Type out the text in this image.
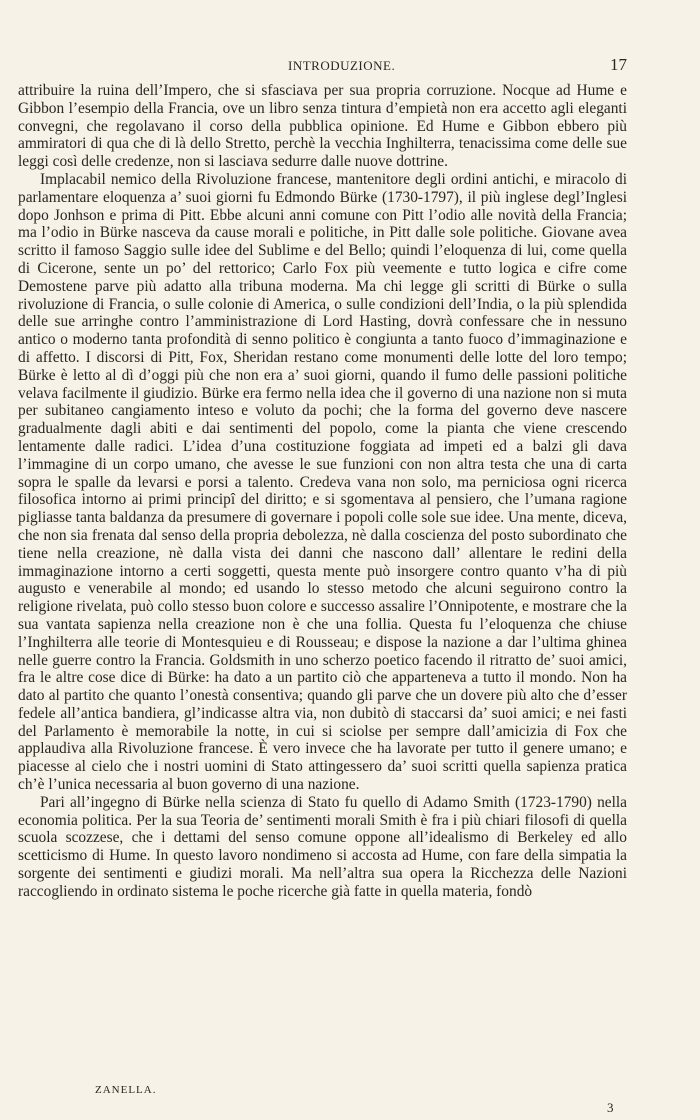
INTRODUZIONE.	17

attribuire la ruina dell’Impero, che si sfasciava per sua propria corruzione. Nocque ad Hume e Gibbon l’esempio della Francia, ove un libro senza tintura d’empietà non era accetto agli eleganti convegni, che regolavano il corso della pubblica opinione. Ed Hume e Gibbon ebbero più ammiratori di qua che di là dello Stretto, perchè la vecchia Inghilterra, tenacissima come delle sue leggi così delle credenze, non si lasciava sedurre dalle nuove dottrine.

Implacabil nemico della Rivoluzione francese, mantenitore degli ordini antichi, e miracolo di parlamentare eloquenza a’ suoi giorni fu Edmondo Bürke (1730-1797), il più inglese degl’Inglesi dopo Jonhson e prima di Pitt. Ebbe alcuni anni comune con Pitt l’odio alle novità della Francia; ma l’odio in Bürke nasceva da cause morali e politiche, in Pitt dalle sole politiche. Giovane avea scritto il famoso Saggio sulle idee del Sublime e del Bello; quindi l’eloquenza di lui, come quella di Cicerone, sente un po’ del rettorico; Carlo Fox più veemente e tutto logica e cifre come Demostene parve più adatto alla tribuna moderna. Ma chi legge gli scritti di Bürke o sulla rivoluzione di Francia, o sulle colonie di America, o sulle condizioni dell’India, o la più splendida delle sue arringhe contro l’amministrazione di Lord Hasting, dovrà confessare che in nessuno antico o moderno tanta profondità di senno politico è congiunta a tanto fuoco d’immaginazione e di affetto. I discorsi di Pitt, Fox, Sheridan restano come monumenti delle lotte del loro tempo; Bürke è letto al dì d’oggi più che non era a’ suoi giorni, quando il fumo delle passioni politiche velava facilmente il giudizio. Bürke era fermo nella idea che il governo di una nazione non si muta per subitaneo cangiamento inteso e voluto da pochi; che la forma del governo deve nascere gradualmente dagli abiti e dai sentimenti del popolo, come la pianta che viene crescendo lentamente dalle radici. L’idea d’una costituzione foggiata ad impeti ed a balzi gli dava l’immagine di un corpo umano, che avesse le sue funzioni con non altra testa che una di carta sopra le spalle da levarsi e porsi a talento. Credeva vana non solo, ma perniciosa ogni ricerca filosofica intorno ai primi principî del diritto; e si sgomentava al pensiero, che l’umana ragione pigliasse tanta baldanza da presumere di governare i popoli colle sole sue idee. Una mente, diceva, che non sia frenata dal senso della propria debolezza, nè dalla coscienza del posto subordinato che tiene nella creazione, nè dalla vista dei danni che nascono dall’ allentare le redini della immaginazione intorno a certi soggetti, questa mente può insorgere contro quanto v’ha di più augusto e venerabile al mondo; ed usando lo stesso metodo che alcuni seguirono contro la religione rivelata, può collo stesso buon colore e successo assalire l’Onnipotente, e mostrare che la sua vantata sapienza nella creazione non è che una follia. Questa fu l’eloquenza che chiuse l’Inghilterra alle teorie di Montesquieu e di Rousseau; e dispose la nazione a dar l’ultima ghinea nelle guerre contro la Francia. Goldsmith in uno scherzo poetico facendo il ritratto de’ suoi amici, fra le altre cose dice di Bürke: ha dato a un partito ciò che apparteneva a tutto il mondo. Non ha dato al partito che quanto l’onestà consentiva; quando gli parve che un dovere più alto che d’esser fedele all’antica bandiera, gl’indicasse altra via, non dubitò di staccarsi da’ suoi amici; e nei fasti del Parlamento è memorabile la notte, in cui si sciolse per sempre dall’amicizia di Fox che applaudiva alla Rivoluzione francese. È vero invece che ha lavorate per tutto il genere umano; e piacesse al cielo che i nostri uomini di Stato attingessero da’ suoi scritti quella sapienza pratica ch’è l’unica necessaria al buon governo di una nazione.

Pari all’ingegno di Bürke nella scienza di Stato fu quello di Adamo Smith (1723-1790) nella economia politica. Per la sua Teoria de’ sentimenti morali Smith è fra i più chiari filosofi di quella scuola scozzese, che i dettami del senso comune oppone all’idealismo di Berkeley ed allo scetticismo di Hume. In questo lavoro nondimeno si accosta ad Hume, con fare della simpatia la sorgente dei sentimenti e giudizi morali. Ma nell’altra sua opera la Ricchezza delle Nazioni raccogliendo in ordinato sistema le poche ricerche già fatte in quella materia, fondò

ZANELLA.
3
